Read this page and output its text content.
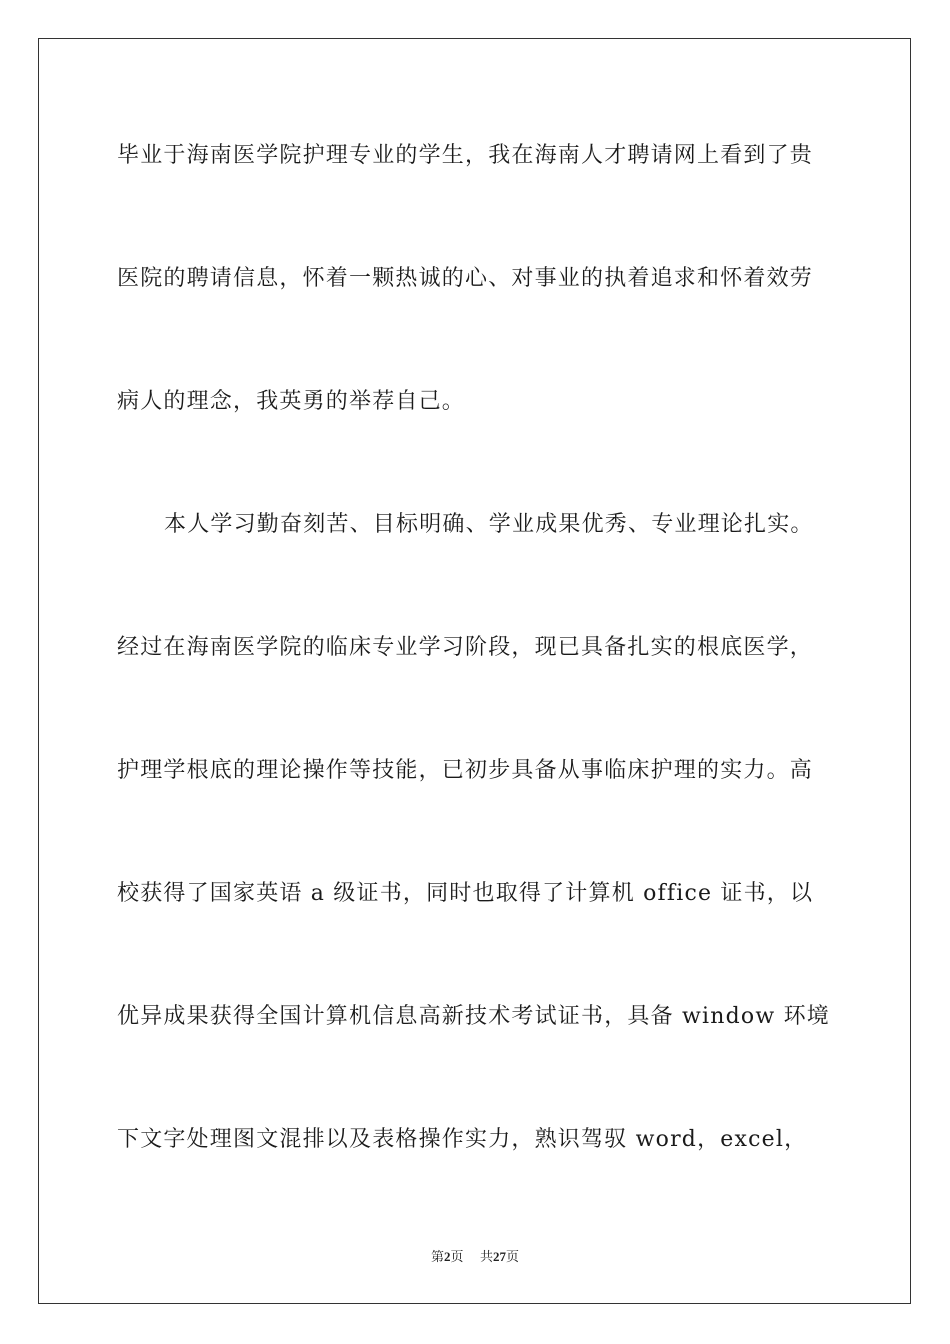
毕业于海南医学院护理专业的学生，我在海南人才聘请网上看到了贵
医院的聘请信息，怀着一颗热诚的心、对事业的执着追求和怀着效劳
病人的理念，我英勇的举荐自己。
本人学习勤奋刻苦、目标明确、学业成果优秀、专业理论扎实。
经过在海南医学院的临床专业学习阶段，现已具备扎实的根底医学，
护理学根底的理论操作等技能，已初步具备从事临床护理的实力。高
校获得了国家英语 a 级证书，同时也取得了计算机 office 证书，以
优异成果获得全国计算机信息高新技术考试证书，具备 window 环境
下文字处理图文混排以及表格操作实力，熟识驾驭 word，excel，
第2页 共27页
